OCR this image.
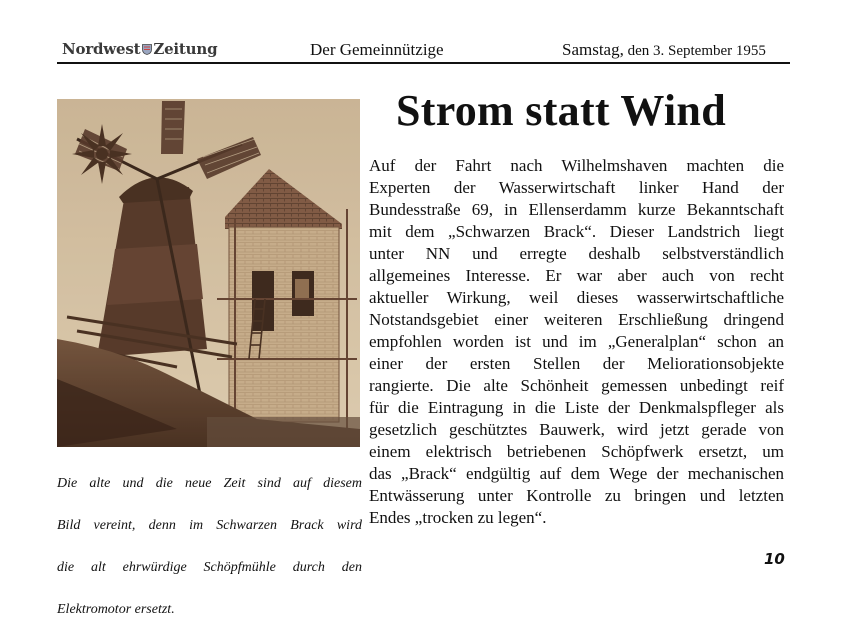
Nordwest Zeitung	Der Gemeinnützige	Samstag, den 3. September 1955

Die alte und die neue Zeit sind auf diesem

Bild vereint, denn im Schwarzen Brack wird

die alt ehrwürdige Schöpfmühle durch den

Elektromotor ersetzt.

Strom statt Wind
Auf der Fahrt nach Wilhelmshaven machten die
Experten der Wasserwirtschaft linker Hand der
Bundesstraße 69, in Ellenserdamm kurze Bekanntschaft
mit dem „Schwarzen Brack“. Dieser Landstrich liegt
unter NN und erregte deshalb selbstverständlich
allgemeines Interesse. Er war aber auch von recht
aktueller Wirkung, weil dieses wasserwirtschaftliche
Notstandsgebiet einer weiteren Erschließung dringend
empfohlen worden ist und im „Generalplan“ schon an
einer der ersten Stellen der Meliorationsobjekte
rangierte. Die alte Schönheit gemessen unbedingt reif
für die Eintragung in die Liste der Denkmalspfleger als
gesetzlich geschütztes Bauwerk, wird jetzt gerade von
einem elektrisch betriebenen Schöpfwerk ersetzt, um
das „Brack“ endgültig auf dem Wege der mechanischen
Entwässerung unter Kontrolle zu bringen und letzten
Endes „trocken zu legen“.
10
